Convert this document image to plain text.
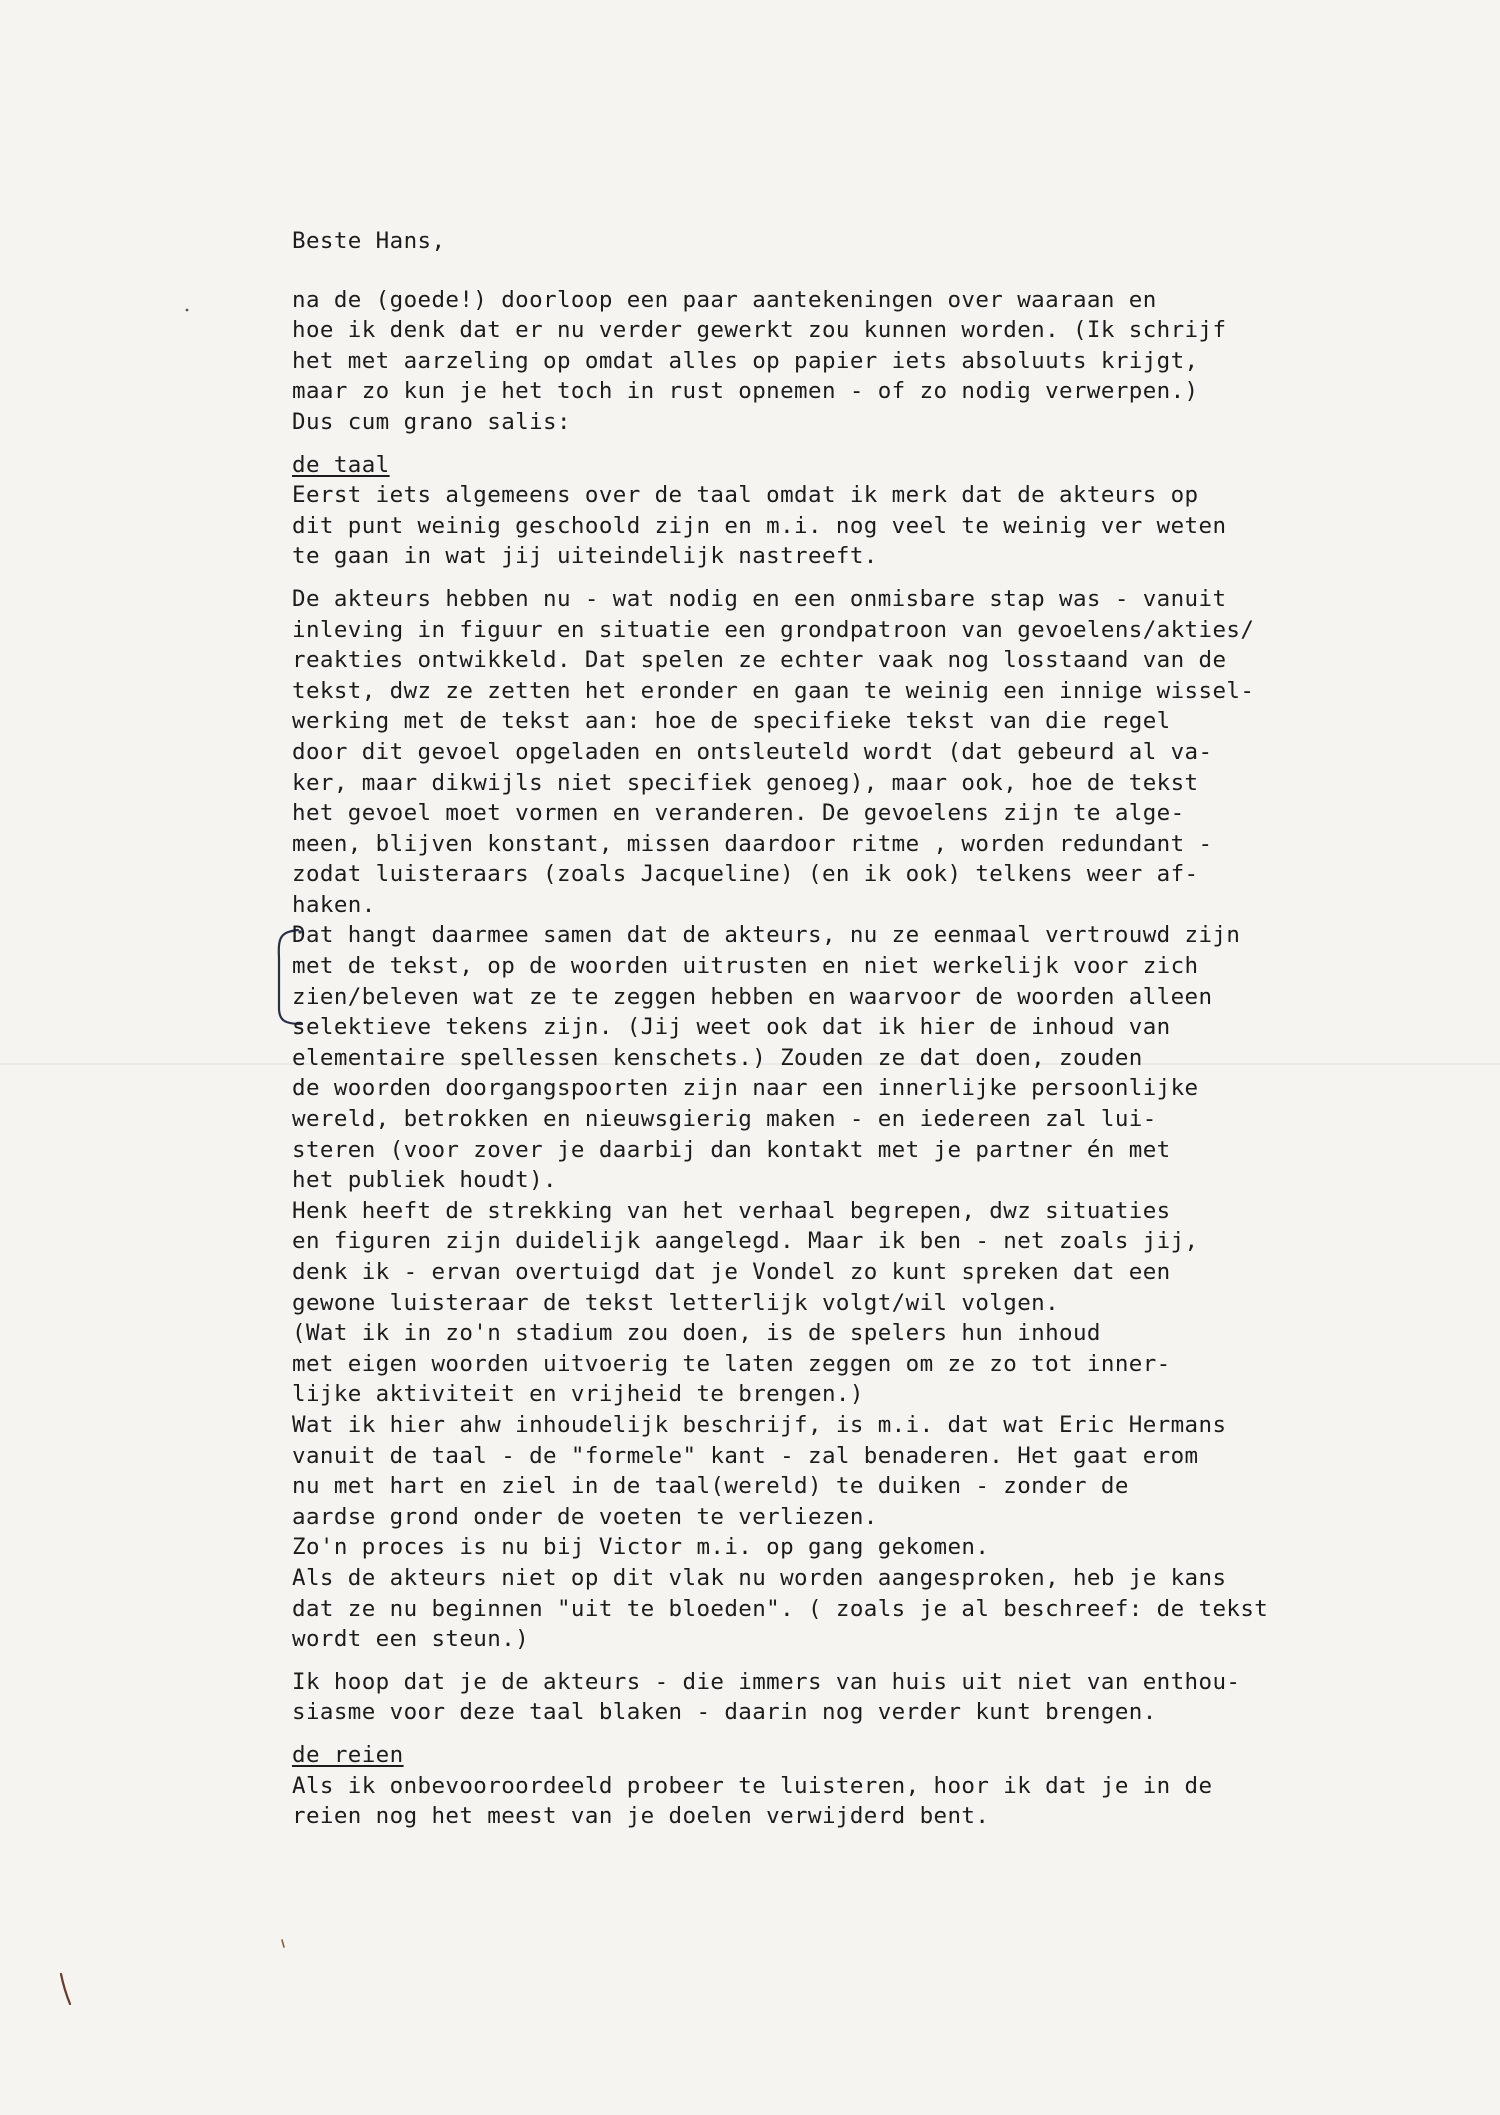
Beste Hans,
na de (goede!) doorloop een paar aantekeningen over waaraan en
hoe ik denk dat er nu verder gewerkt zou kunnen worden. (Ik schrijf
het met aarzeling op omdat alles op papier iets absoluuts krijgt,
maar zo kun je het toch in rust opnemen - of zo nodig verwerpen.)
Dus cum grano salis:
de taal
Eerst iets algemeens over de taal omdat ik merk dat de akteurs op
dit punt weinig geschoold zijn en m.i. nog veel te weinig ver weten
te gaan in wat jij uiteindelijk nastreeft.
De akteurs hebben nu - wat nodig en een onmisbare stap was - vanuit
inleving in figuur en situatie een grondpatroon van gevoelens/akties/
reakties ontwikkeld. Dat spelen ze echter vaak nog losstaand van de
tekst, dwz ze zetten het eronder en gaan te weinig een innige wissel-
werking met de tekst aan: hoe de specifieke tekst van die regel
door dit gevoel opgeladen en ontsleuteld wordt (dat gebeurd al va-
ker, maar dikwijls niet specifiek genoeg), maar ook, hoe de tekst
het gevoel moet vormen en veranderen. De gevoelens zijn te alge-
meen, blijven konstant, missen daardoor ritme , worden redundant -
zodat luisteraars (zoals Jacqueline) (en ik ook) telkens weer af-
haken.
Dat hangt daarmee samen dat de akteurs, nu ze eenmaal vertrouwd zijn
met de tekst, op de woorden uitrusten en niet werkelijk voor zich
zien/beleven wat ze te zeggen hebben en waarvoor de woorden alleen
selektieve tekens zijn. (Jij weet ook dat ik hier de inhoud van
elementaire spellessen kenschets.) Zouden ze dat doen, zouden
de woorden doorgangspoorten zijn naar een innerlijke persoonlijke
wereld, betrokken en nieuwsgierig maken - en iedereen zal lui-
steren (voor zover je daarbij dan kontakt met je partner én met
het publiek houdt).
Henk heeft de strekking van het verhaal begrepen, dwz situaties
en figuren zijn duidelijk aangelegd. Maar ik ben - net zoals jij,
denk ik - ervan overtuigd dat je Vondel zo kunt spreken dat een
gewone luisteraar de tekst letterlijk volgt/wil volgen.
(Wat ik in zo'n stadium zou doen, is de spelers hun inhoud
met eigen woorden uitvoerig te laten zeggen om ze zo tot inner-
lijke aktiviteit en vrijheid te brengen.)
Wat ik hier ahw inhoudelijk beschrijf, is m.i. dat wat Eric Hermans
vanuit de taal - de "formele" kant - zal benaderen. Het gaat erom
nu met hart en ziel in de taal(wereld) te duiken - zonder de
aardse grond onder de voeten te verliezen.
Zo'n proces is nu bij Victor m.i. op gang gekomen.
Als de akteurs niet op dit vlak nu worden aangesproken, heb je kans
dat ze nu beginnen "uit te bloeden". ( zoals je al beschreef: de tekst
wordt een steun.)
Ik hoop dat je de akteurs - die immers van huis uit niet van enthou-
siasme voor deze taal blaken - daarin nog verder kunt brengen.
de reien
Als ik onbevooroordeeld probeer te luisteren, hoor ik dat je in de
reien nog het meest van je doelen verwijderd bent.
